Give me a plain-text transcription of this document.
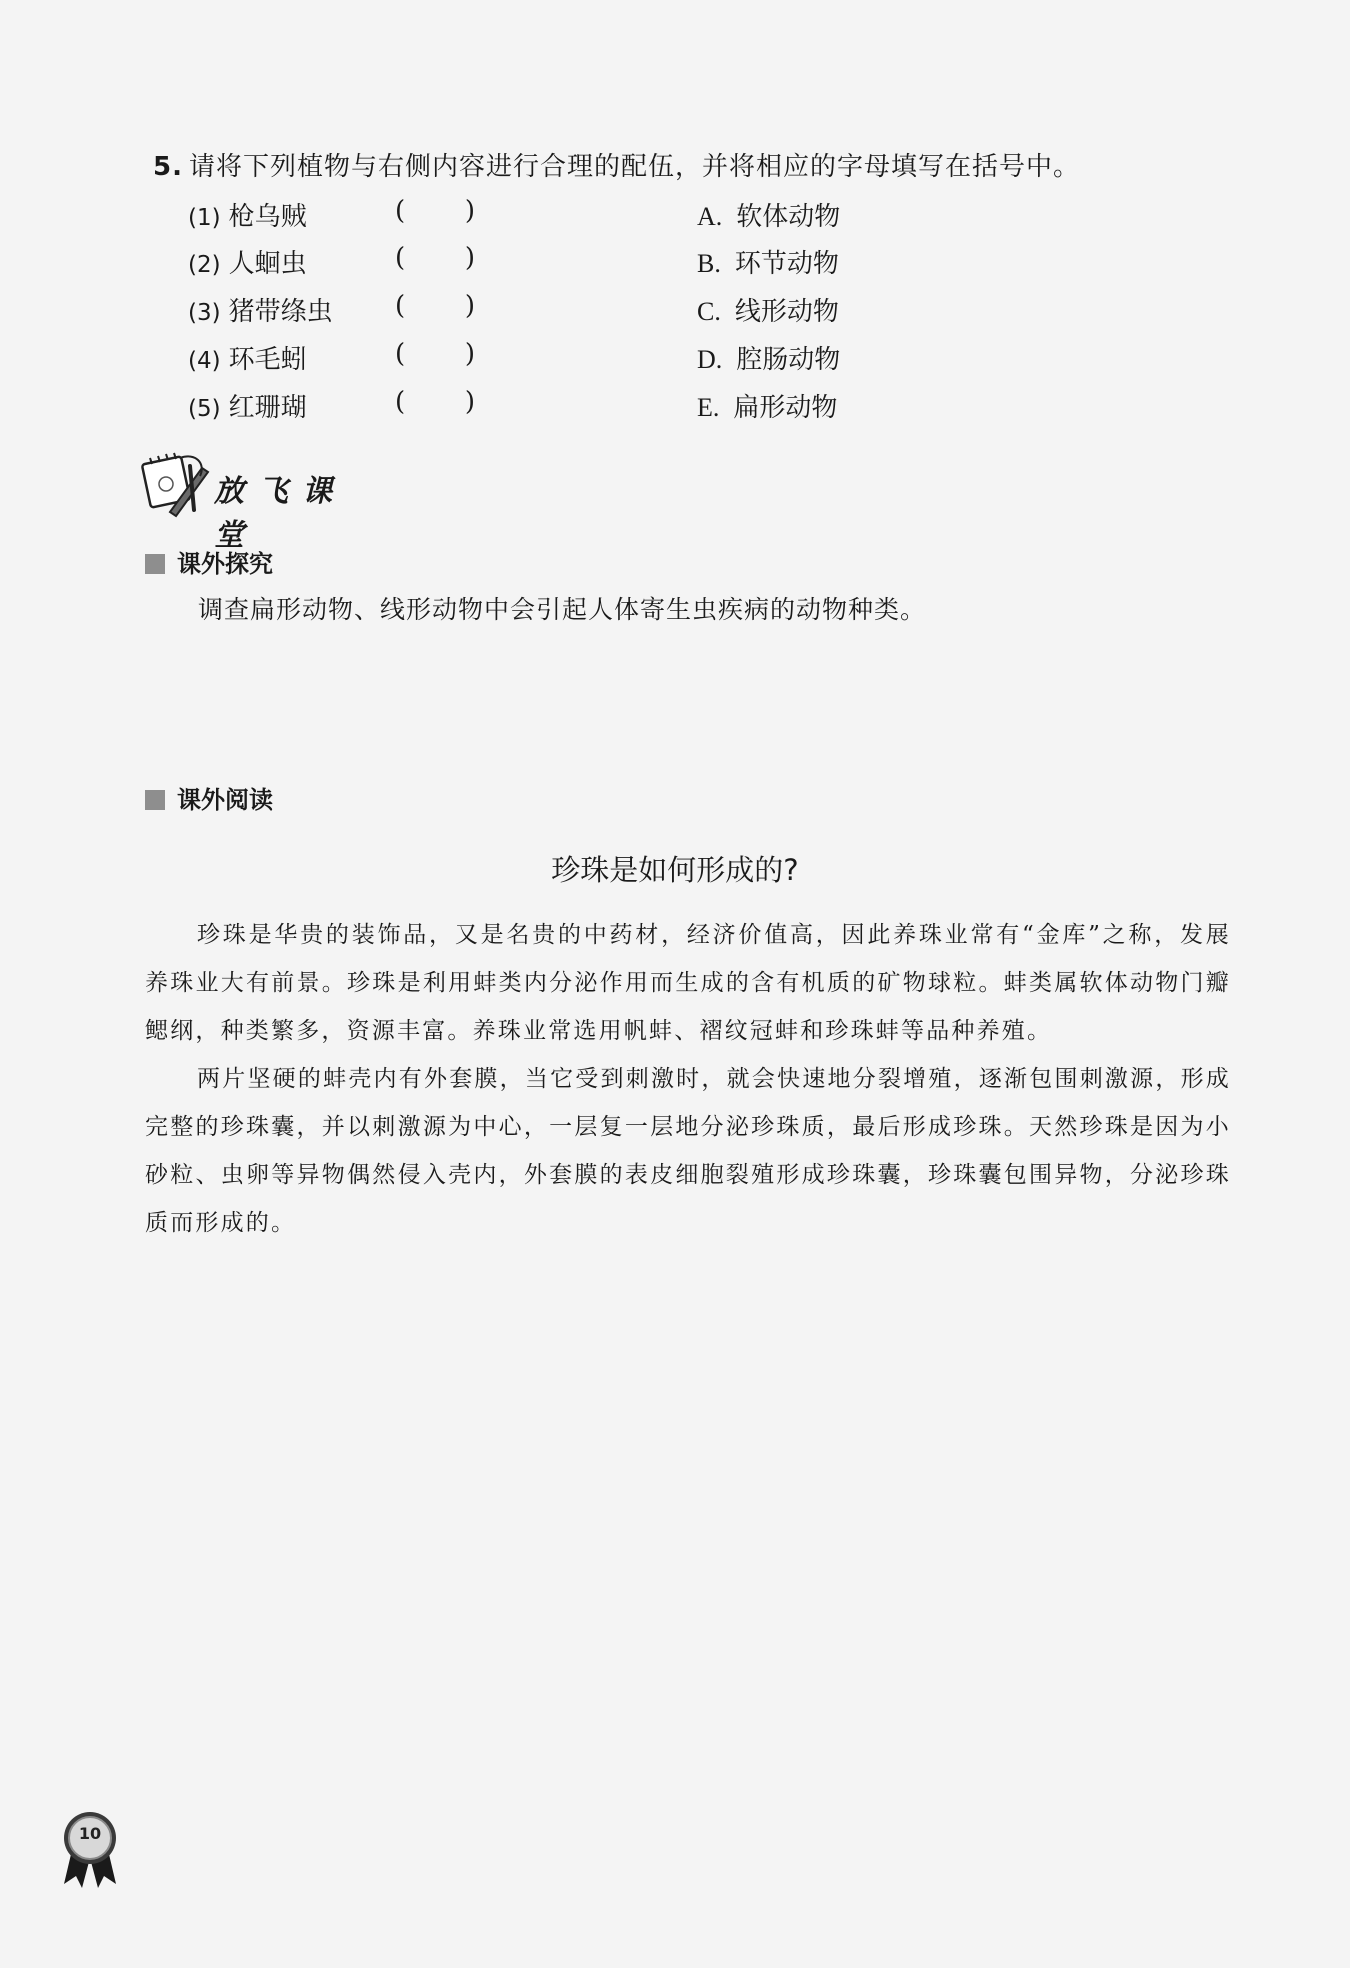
5. 请将下列植物与右侧内容进行合理的配伍，并将相应的字母填写在括号中。
(1) 枪乌贼	( )	A. 软体动物
(2) 人蛔虫	( )	B. 环节动物
(3) 猪带绦虫 ( )	C. 线形动物
(4) 环毛蚓	( )	D. 腔肠动物
(5) 红珊瑚	( )	E. 扁形动物
放飞课堂
课外探究
调查扁形动物、线形动物中会引起人体寄生虫疾病的动物种类。
课外阅读
珍珠是如何形成的?

珍珠是华贵的装饰品，又是名贵的中药材，经济价值高，因此养珠业常有“金库”之称，发展养珠业大有前景。珍珠是利用蚌类内分泌作用而生成的含有机质的矿物球粒。蚌类属软体动物门瓣鳃纲，种类繁多，资源丰富。养珠业常选用帆蚌、褶纹冠蚌和珍珠蚌等品种养殖。

两片坚硬的蚌壳内有外套膜，当它受到刺激时，就会快速地分裂增殖，逐渐包围刺激源，形成完整的珍珠囊，并以刺激源为中心，一层复一层地分泌珍珠质，最后形成珍珠。天然珍珠是因为小砂粒、虫卵等异物偶然侵入壳内，外套膜的表皮细胞裂殖形成珍珠囊，珍珠囊包围异物，分泌珍珠质而形成的。

10
